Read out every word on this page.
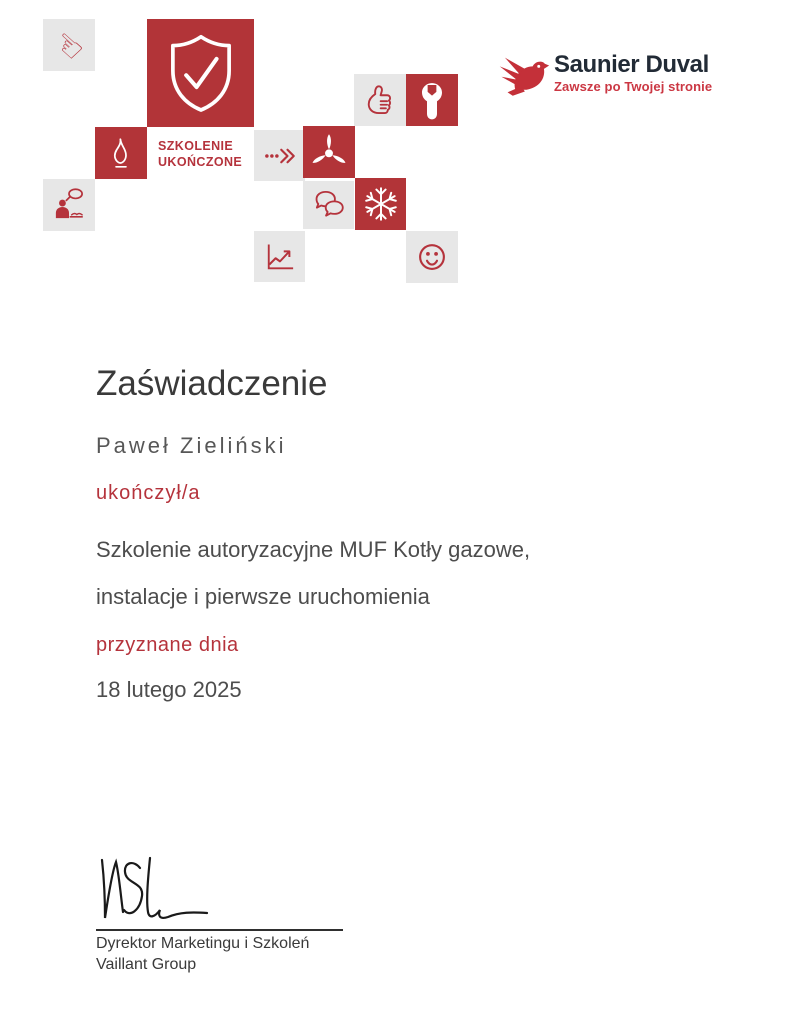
☜
SZKOLENIE
UKOŃCZONE
Saunier Duval
Zawsze po Twojej stronie
Zaświadczenie
Paweł Zieliński
ukończył/a
Szkolenie autoryzacyjne MUF Kotły gazowe,
instalacje i pierwsze uruchomienia
przyznane dnia
18 lutego 2025
Dyrektor Marketingu i Szkoleń
Vaillant Group
